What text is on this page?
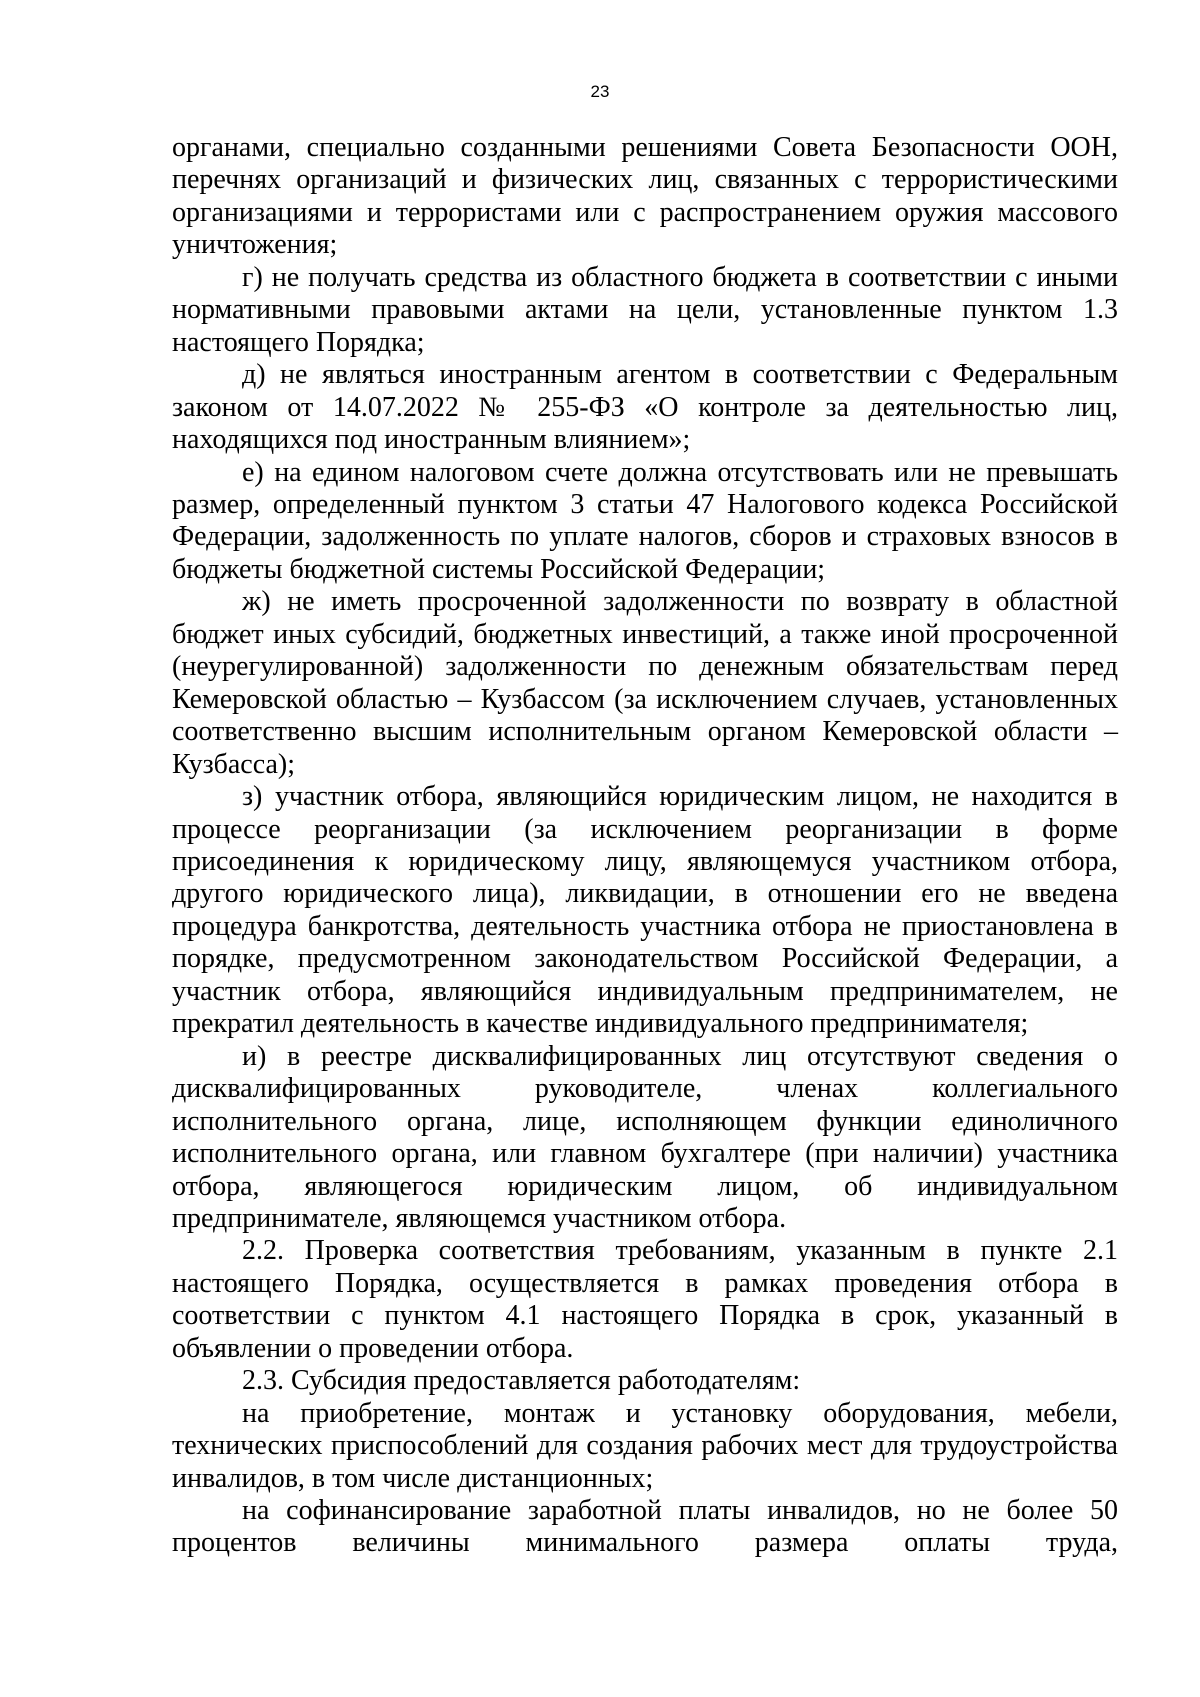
23

органами, специально созданными решениями Совета Безопасности ООН, перечнях организаций и физических лиц, связанных с террористическими организациями и террористами или с распространением оружия массового уничтожения;

г) не получать средства из областного бюджета в соответствии с иными нормативными правовыми актами на цели, установленные пунктом 1.3 настоящего Порядка;

д) не являться иностранным агентом в соответствии с Федеральным законом от 14.07.2022 № 255-ФЗ «О контроле за деятельностью лиц, находящихся под иностранным влиянием»;

е) на едином налоговом счете должна отсутствовать или не превышать размер, определенный пунктом 3 статьи 47 Налогового кодекса Российской Федерации, задолженность по уплате налогов, сборов и страховых взносов в бюджеты бюджетной системы Российской Федерации;

ж) не иметь просроченной задолженности по возврату в областной бюджет иных субсидий, бюджетных инвестиций, а также иной просроченной (неурегулированной) задолженности по денежным обязательствам перед Кемеровской областью – Кузбассом (за исключением случаев, установленных соответственно высшим исполнительным органом Кемеровской области – Кузбасса);

з) участник отбора, являющийся юридическим лицом, не находится в процессе реорганизации (за исключением реорганизации в форме присоединения к юридическому лицу, являющемуся участником отбора, другого юридического лица), ликвидации, в отношении его не введена процедура банкротства, деятельность участника отбора не приостановлена в порядке, предусмотренном законодательством Российской Федерации, а участник отбора, являющийся индивидуальным предпринимателем, не прекратил деятельность в качестве индивидуального предпринимателя;

и) в реестре дисквалифицированных лиц отсутствуют сведения о дисквалифицированных руководителе, членах коллегиального исполнительного органа, лице, исполняющем функции единоличного исполнительного органа, или главном бухгалтере (при наличии) участника отбора, являющегося юридическим лицом, об индивидуальном предпринимателе, являющемся участником отбора.

2.2. Проверка соответствия требованиям, указанным в пункте 2.1 настоящего Порядка, осуществляется в рамках проведения отбора в соответствии с пунктом 4.1 настоящего Порядка в срок, указанный в объявлении о проведении отбора.

2.3. Субсидия предоставляется работодателям:

на приобретение, монтаж и установку оборудования, мебели, технических приспособлений для создания рабочих мест для трудоустройства инвалидов, в том числе дистанционных;

на софинансирование заработной платы инвалидов, но не более 50 процентов величины минимального размера оплаты труда,
